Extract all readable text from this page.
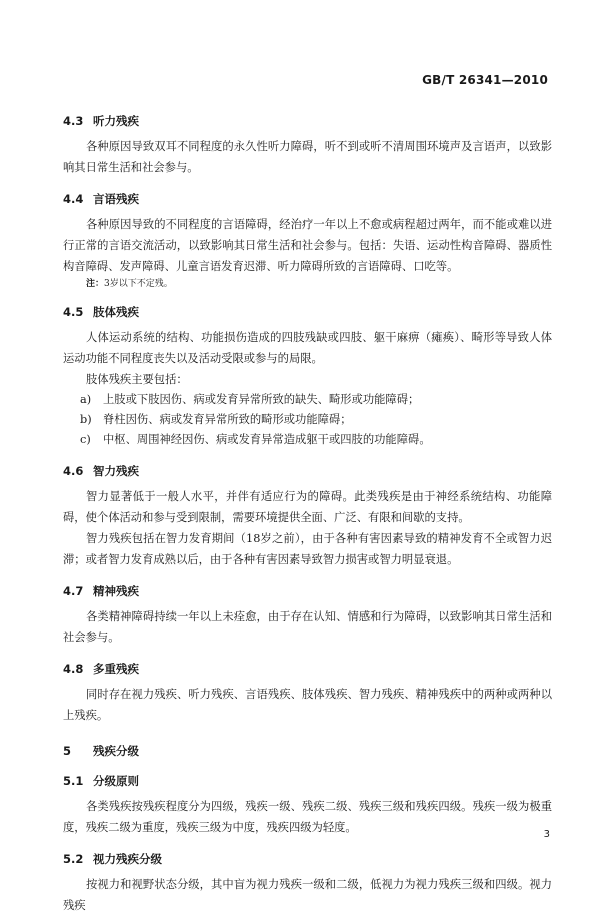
GB/T 26341—2010
4.3 听力残疾

各种原因导致双耳不同程度的永久性听力障碍，听不到或听不清周围环境声及言语声，以致影响其日常生活和社会参与。

4.4 言语残疾

各种原因导致的不同程度的言语障碍，经治疗一年以上不愈或病程超过两年，而不能或难以进行正常的言语交流活动，以致影响其日常生活和社会参与。包括：失语、运动性构音障碍、器质性构音障碍、发声障碍、儿童言语发育迟滞、听力障碍所致的言语障碍、口吃等。

注：3岁以下不定残。

4.5 肢体残疾

人体运动系统的结构、功能损伤造成的四肢残缺或四肢、躯干麻痹（瘫痪）、畸形等导致人体运动功能不同程度丧失以及活动受限或参与的局限。

肢体残疾主要包括：

a) 上肢或下肢因伤、病或发育异常所致的缺失、畸形或功能障碍；

b) 脊柱因伤、病或发育异常所致的畸形或功能障碍；

c) 中枢、周围神经因伤、病或发育异常造成躯干或四肢的功能障碍。

4.6 智力残疾

智力显著低于一般人水平，并伴有适应行为的障碍。此类残疾是由于神经系统结构、功能障碍，使个体活动和参与受到限制，需要环境提供全面、广泛、有限和间歇的支持。

智力残疾包括在智力发育期间（18岁之前），由于各种有害因素导致的精神发育不全或智力迟滞；或者智力发育成熟以后，由于各种有害因素导致智力损害或智力明显衰退。

4.7 精神残疾

各类精神障碍持续一年以上未痊愈，由于存在认知、情感和行为障碍，以致影响其日常生活和社会参与。

4.8 多重残疾

同时存在视力残疾、听力残疾、言语残疾、肢体残疾、智力残疾、精神残疾中的两种或两种以上残疾。

5 残疾分级
5.1 分级原则

各类残疾按残疾程度分为四级，残疾一级、残疾二级、残疾三级和残疾四级。残疾一级为极重度，残疾二级为重度，残疾三级为中度，残疾四级为轻度。

5.2 视力残疾分级

按视力和视野状态分级，其中盲为视力残疾一级和二级，低视力为视力残疾三级和四级。视力残疾

3
